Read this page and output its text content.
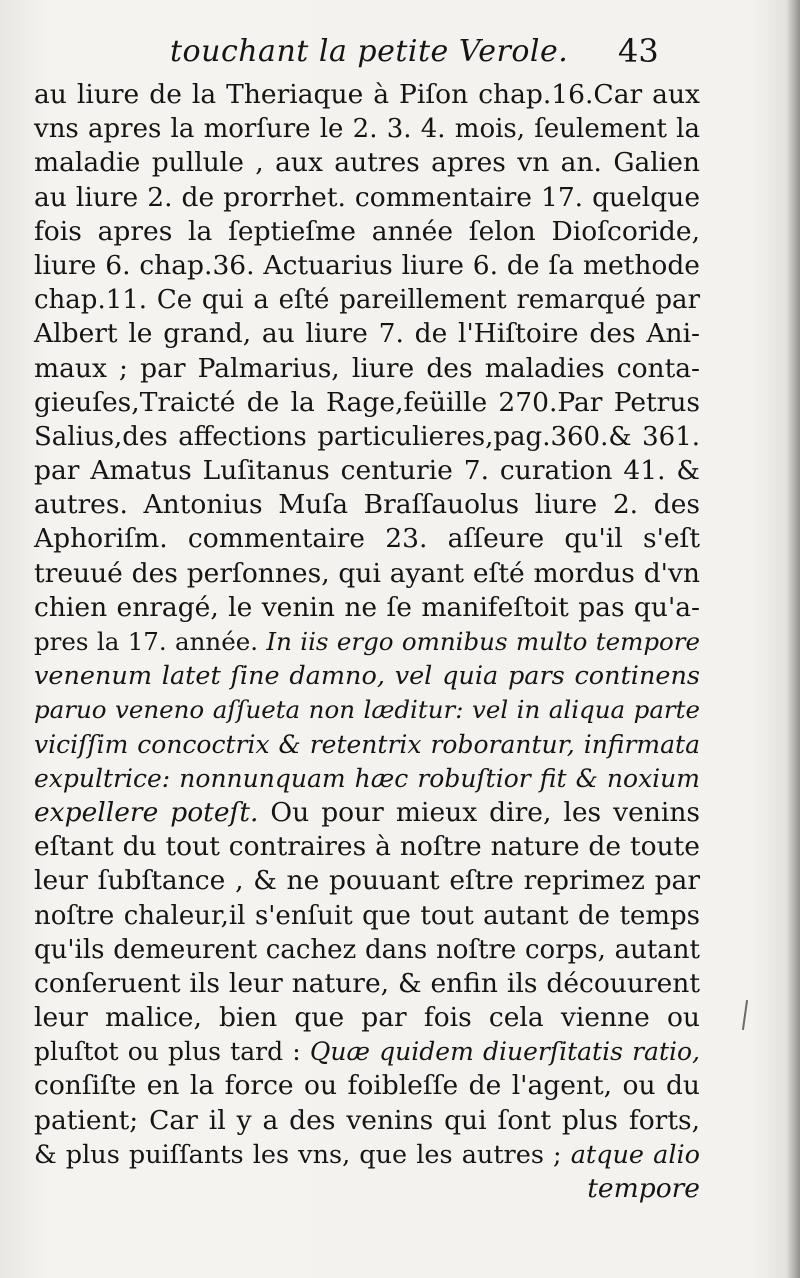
touchant la petite Verole. 43
au liure de la Theriaque à Piſon chap.16.Car aux
vns apres la morſure le 2. 3. 4. mois, ſeulement la
maladie pullule , aux autres apres vn an. Galien
au liure 2. de prorrhet. commentaire 17. quelque
fois apres la ſeptieſme année ſelon Dioſcoride,
liure 6. chap.36. Actuarius liure 6. de ſa methode
chap.11. Ce qui a eſté pareillement remarqué par
Albert le grand, au liure 7. de l'Hiſtoire des Ani-
maux ; par Palmarius, liure des maladies conta-
gieuſes,Traicté de la Rage,feüille 270.Par Petrus
Salius,des affections particulieres,pag.360.& 361.
par Amatus Luſitanus centurie 7. curation 41. &
autres. Antonius Muſa Braſſauolus liure 2. des
Aphoriſm. commentaire 23. aſſeure qu'il s'eſt
treuué des perſonnes, qui ayant eſté mordus d'vn
chien enragé, le venin ne ſe manifeſtoit pas qu'a-
pres la 17. année. In iis ergo omnibus multo tempore
venenum latet ſine damno, vel quia pars continens
paruo veneno aſſueta non læditur: vel in aliqua parte
viciſſim concoctrix & retentrix roborantur, infirmata
expultrice: nonnunquam hæc robuſtior fit & noxium
expellere poteſt. Ou pour mieux dire, les venins
eſtant du tout contraires à noſtre nature de toute
leur ſubſtance , & ne pouuant eſtre reprimez par
noſtre chaleur,il s'enſuit que tout autant de temps
qu'ils demeurent cachez dans noſtre corps, autant
conſeruent ils leur nature, & enfin ils découurent
leur malice, bien que par fois cela vienne ou
pluſtot ou plus tard : Quæ quidem diuerſitatis ratio,
conſiſte en la force ou foibleſſe de l'agent, ou du
patient; Car il y a des venins qui ſont plus forts,
& plus puiſſants les vns, que les autres ; atque alio
tempore
